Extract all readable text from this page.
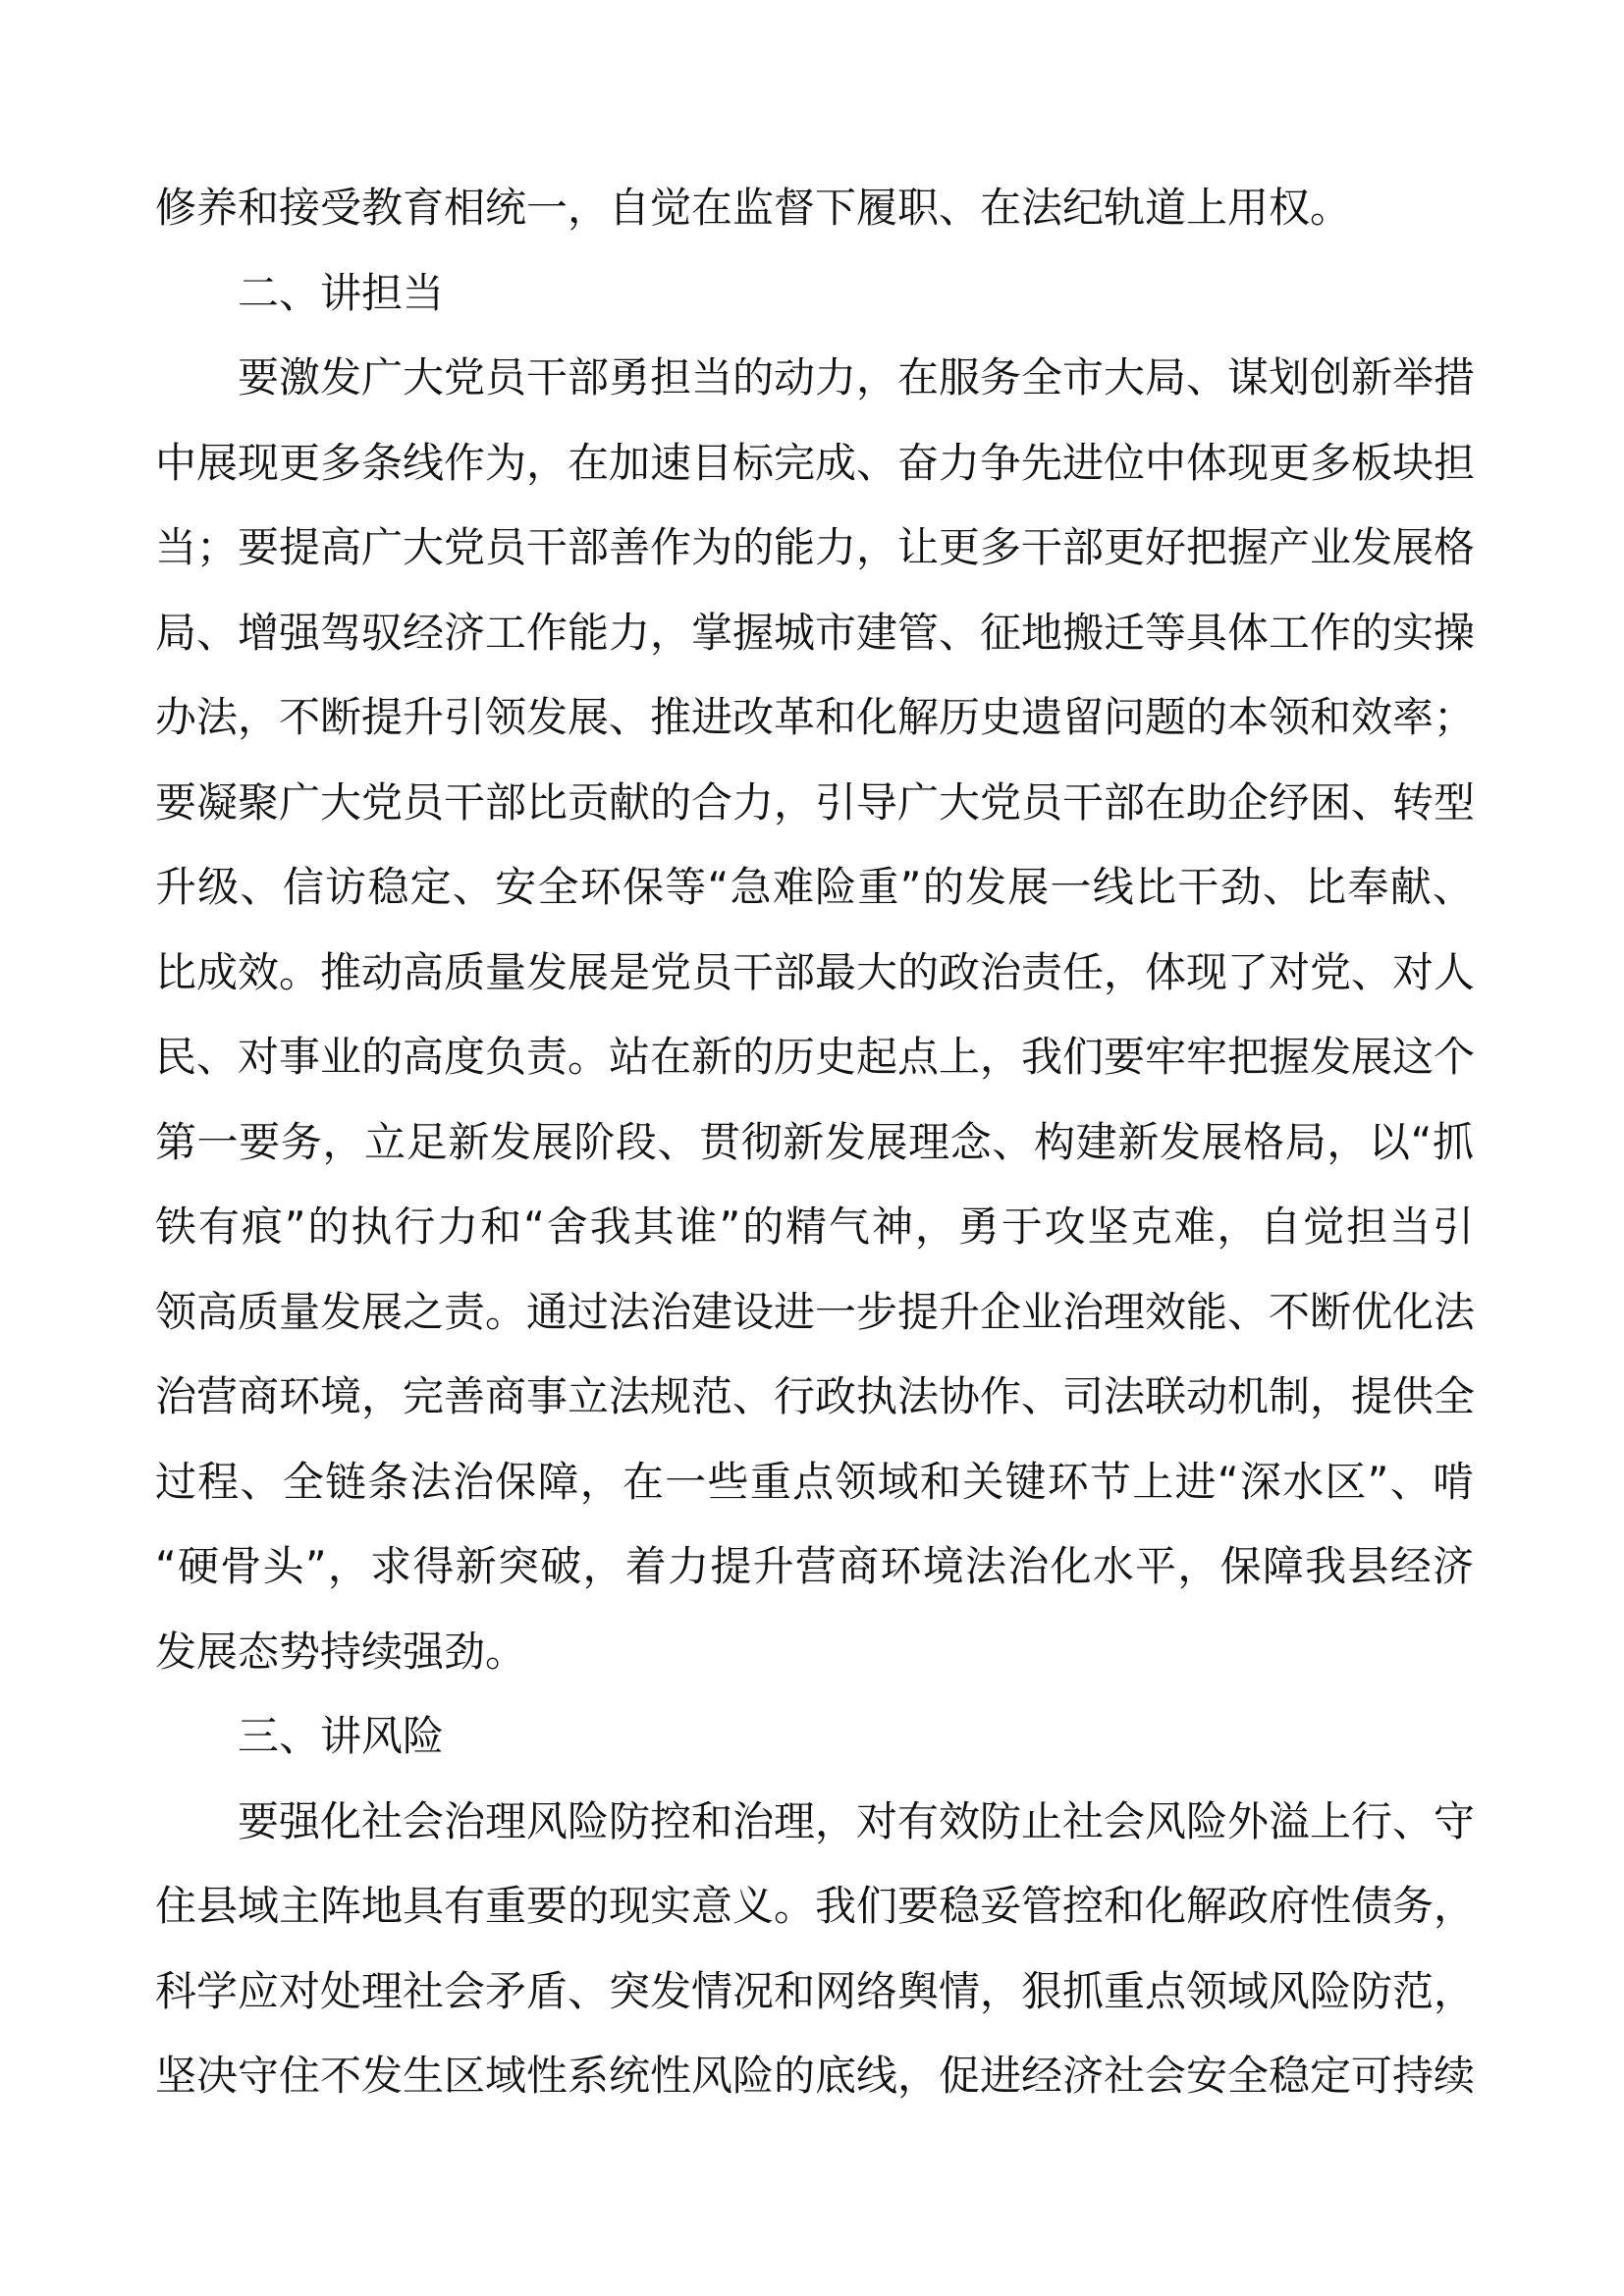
修养和接受教育相统一，自觉在监督下履职、在法纪轨道上用权。
二、讲担当
要激发广大党员干部勇担当的动力，在服务全市大局、谋划创新举措
中展现更多条线作为，在加速目标完成、奋力争先进位中体现更多板块担
当；要提高广大党员干部善作为的能力，让更多干部更好把握产业发展格
局、增强驾驭经济工作能力，掌握城市建管、征地搬迁等具体工作的实操
办法，不断提升引领发展、推进改革和化解历史遗留问题的本领和效率；
要凝聚广大党员干部比贡献的合力，引导广大党员干部在助企纾困、转型
升级、信访稳定、安全环保等“急难险重”的发展一线比干劲、比奉献、
比成效。推动高质量发展是党员干部最大的政治责任，体现了对党、对人
民、对事业的高度负责。站在新的历史起点上，我们要牢牢把握发展这个
第一要务，立足新发展阶段、贯彻新发展理念、构建新发展格局，以“抓
铁有痕”的执行力和“舍我其谁”的精气神，勇于攻坚克难，自觉担当引
领高质量发展之责。通过法治建设进一步提升企业治理效能、不断优化法
治营商环境，完善商事立法规范、行政执法协作、司法联动机制，提供全
过程、全链条法治保障，在一些重点领域和关键环节上进“深水区”、啃
“硬骨头”，求得新突破，着力提升营商环境法治化水平，保障我县经济
发展态势持续强劲。
三、讲风险
要强化社会治理风险防控和治理，对有效防止社会风险外溢上行、守
住县域主阵地具有重要的现实意义。我们要稳妥管控和化解政府性债务，
科学应对处理社会矛盾、突发情况和网络舆情，狠抓重点领域风险防范，
坚决守住不发生区域性系统性风险的底线，促进经济社会安全稳定可持续
